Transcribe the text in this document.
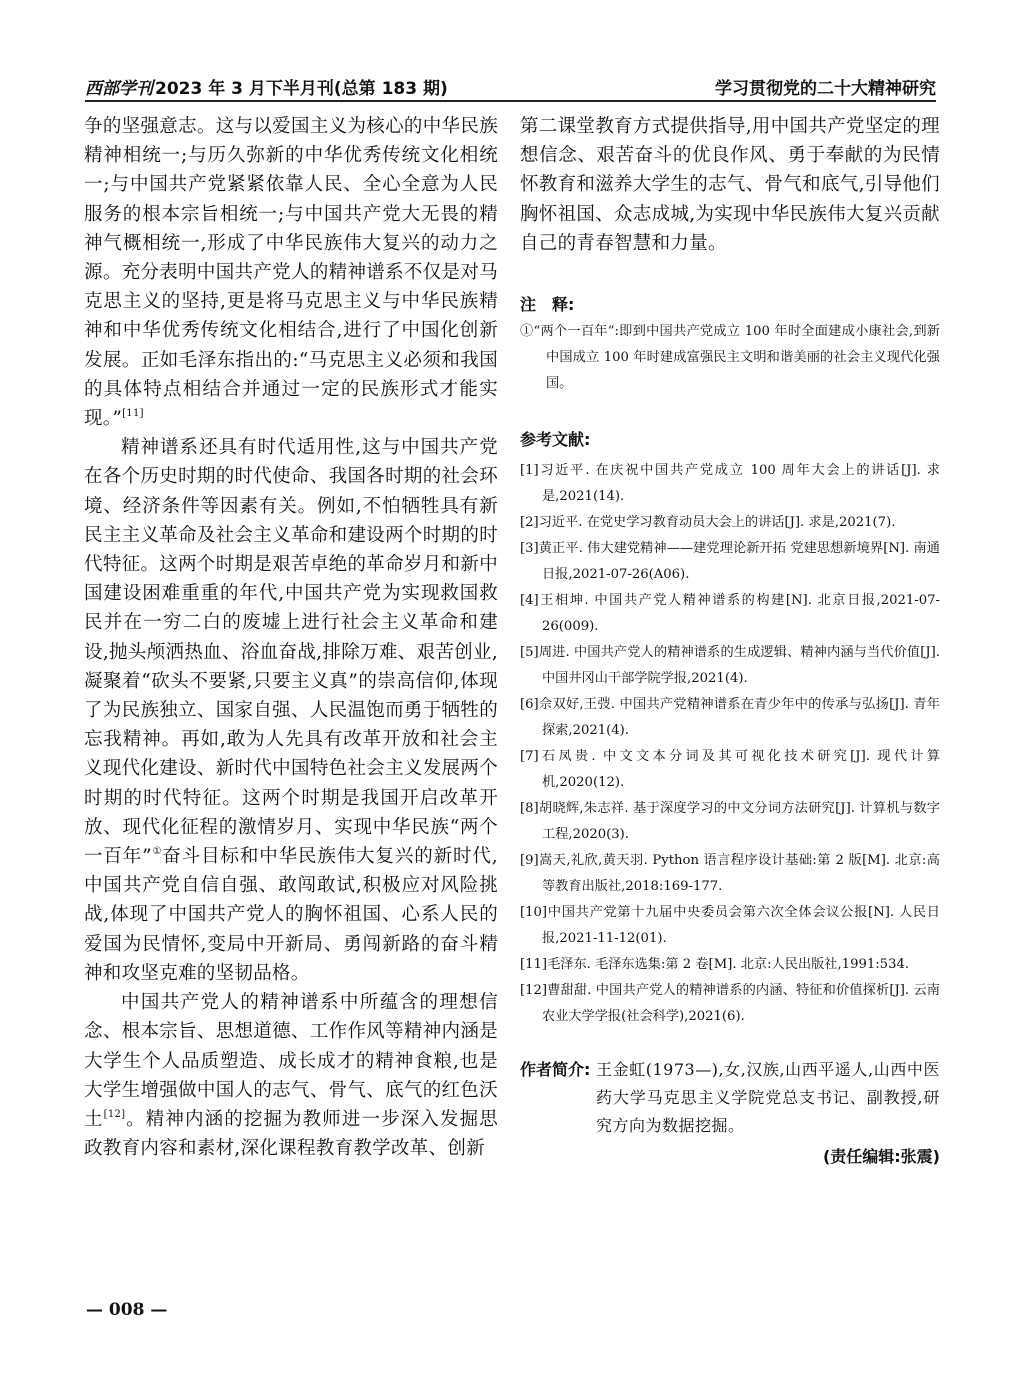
西部学刊 2023 年 3 月下半月刊(总第 183 期)	学习贯彻党的二十大精神研究

争的坚强意志。这与以爱国主义为核心的中华民族精神相统一;与历久弥新的中华优秀传统文化相统一;与中国共产党紧紧依靠人民、全心全意为人民服务的根本宗旨相统一;与中国共产党大无畏的精神气概相统一,形成了中华民族伟大复兴的动力之源。充分表明中国共产党人的精神谱系不仅是对马克思主义的坚持,更是将马克思主义与中华民族精神和中华优秀传统文化相结合,进行了中国化创新发展。正如毛泽东指出的:“马克思主义必须和我国的具体特点相结合并通过一定的民族形式才能实现。”[11]

精神谱系还具有时代适用性,这与中国共产党在各个历史时期的时代使命、我国各时期的社会环境、经济条件等因素有关。例如,不怕牺牲具有新民主主义革命及社会主义革命和建设两个时期的时代特征。这两个时期是艰苦卓绝的革命岁月和新中国建设困难重重的年代,中国共产党为实现救国救民并在一穷二白的废墟上进行社会主义革命和建设,抛头颅洒热血、浴血奋战,排除万难、艰苦创业,凝聚着“砍头不要紧,只要主义真”的崇高信仰,体现了为民族独立、国家自强、人民温饱而勇于牺牲的忘我精神。再如,敢为人先具有改革开放和社会主义现代化建设、新时代中国特色社会主义发展两个时期的时代特征。这两个时期是我国开启改革开放、现代化征程的激情岁月、实现中华民族“两个一百年”①奋斗目标和中华民族伟大复兴的新时代,中国共产党自信自强、敢闯敢试,积极应对风险挑战,体现了中国共产党人的胸怀祖国、心系人民的爱国为民情怀,变局中开新局、勇闯新路的奋斗精神和攻坚克难的坚韧品格。

中国共产党人的精神谱系中所蕴含的理想信念、根本宗旨、思想道德、工作作风等精神内涵是大学生个人品质塑造、成长成才的精神食粮,也是大学生增强做中国人的志气、骨气、底气的红色沃土[12]。精神内涵的挖掘为教师进一步深入发掘思政教育内容和素材,深化课程教育教学改革、创新

第二课堂教育方式提供指导,用中国共产党坚定的理想信念、艰苦奋斗的优良作风、勇于奉献的为民情怀教育和滋养大学生的志气、骨气和底气,引导他们胸怀祖国、众志成城,为实现中华民族伟大复兴贡献自己的青春智慧和力量。

注　释:

①“两个一百年”:即到中国共产党成立 100 年时全面建成小康社会,到新中国成立 100 年时建成富强民主文明和谐美丽的社会主义现代化强国。

参考文献:

[1]习近平. 在庆祝中国共产党成立 100 周年大会上的讲话[J]. 求是,2021(14).
[2]习近平. 在党史学习教育动员大会上的讲话[J]. 求是,2021(7).
[3]黄正平. 伟大建党精神——建党理论新开拓 党建思想新境界[N]. 南通日报,2021-07-26(A06).
[4]王相坤. 中国共产党人精神谱系的构建[N]. 北京日报,2021-07-26(009).
[5]周进. 中国共产党人的精神谱系的生成逻辑、精神内涵与当代价值[J]. 中国井冈山干部学院学报,2021(4).
[6]佘双好,王弢. 中国共产党精神谱系在青少年中的传承与弘扬[J]. 青年探索,2021(4).
[7]石凤贵. 中文文本分词及其可视化技术研究[J]. 现代计算机,2020(12).
[8]胡晓辉,朱志祥. 基于深度学习的中文分词方法研究[J]. 计算机与数字工程,2020(3).
[9]嵩天,礼欣,黄天羽. Python 语言程序设计基础:第 2 版[M]. 北京:高等教育出版社,2018:169-177.
[10]中国共产党第十九届中央委员会第六次全体会议公报[N]. 人民日报,2021-11-12(01).
[11]毛泽东. 毛泽东选集:第 2 卷[M]. 北京:人民出版社,1991:534.
[12]曹甜甜. 中国共产党人的精神谱系的内涵、特征和价值探析[J]. 云南农业大学学报(社会科学),2021(6).
作者简介: 王金虹(1973—),女,汉族,山西平遥人,山西中医药大学马克思主义学院党总支书记、副教授,研究方向为数据挖掘。
(责任编辑:张震)
— 008 —
